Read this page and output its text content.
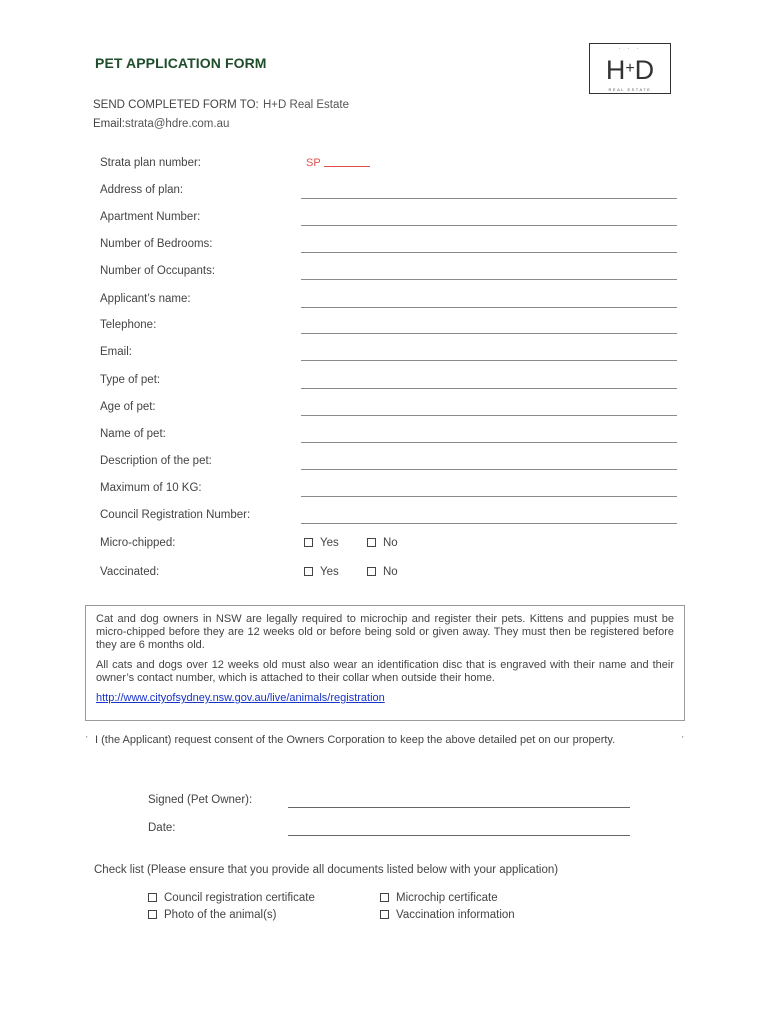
PET APPLICATION FORM
· · ·
H+D
REAL ESTATE
SEND COMPLETED FORM TO: H+D Real Estate
Email:strata@hdre.com.au
Strata plan number:	SP
Address of plan:
Apartment Number:
Number of Bedrooms:
Number of Occupants:
Applicant’s name:
Telephone:
Email:
Type of pet:
Age of pet:
Name of pet:
Description of the pet:
Maximum of 10 KG:
Council Registration Number:
Micro-chipped:	Yes	No
Vaccinated:	Yes	No

Cat and dog owners in NSW are legally required to microchip and register their pets. Kittens and puppies must be micro-chipped before they are 12 weeks old or before being sold or given away. They must then be registered before they are 6 months old.

All cats and dogs over 12 weeks old must also wear an identification disc that is engraved with their name and their owner’s contact number, which is attached to their collar when outside their home.

http://www.cityofsydney.nsw.gov.au/live/animals/registration

'	'
I (the Applicant) request consent of the Owners Corporation to keep the above detailed pet on our property.
Signed (Pet Owner):
Date:
Check list (Please ensure that you provide all documents listed below with your application)
Council registration certificate	Microchip certificate
Photo of the animal(s)	Vaccination information
